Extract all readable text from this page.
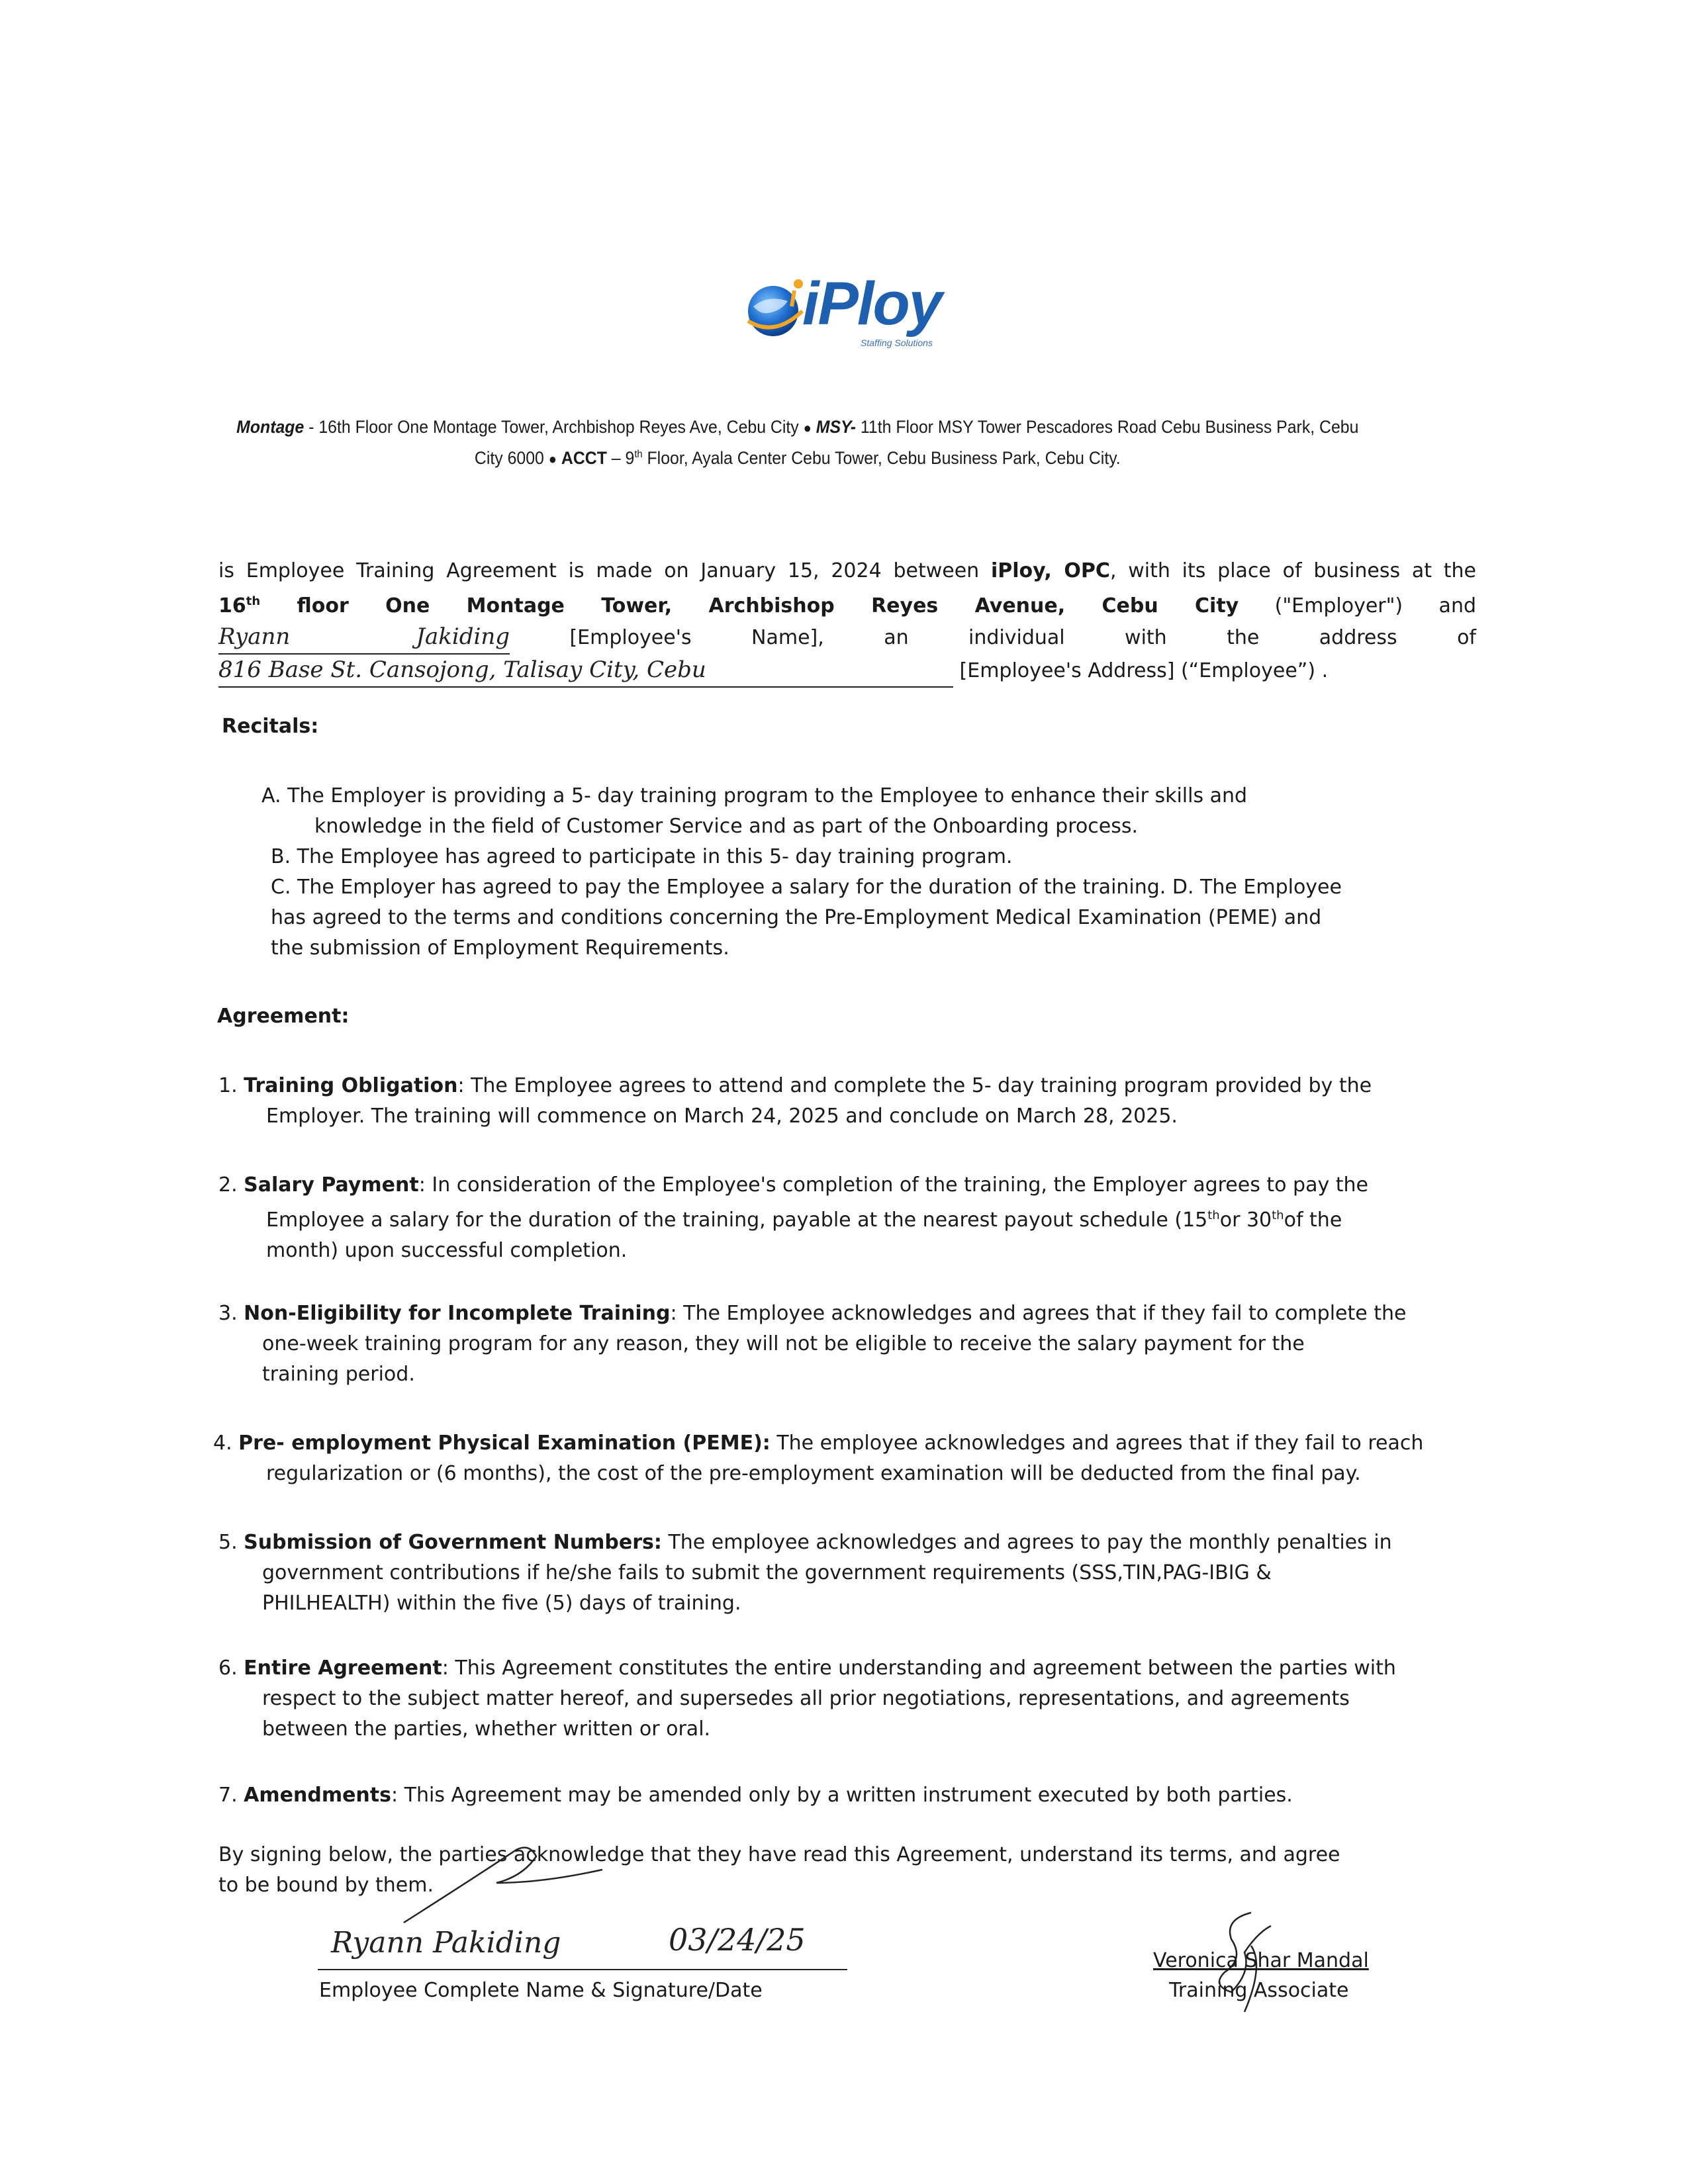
iPloy
Staffing Solutions
Montage - 16th Floor One Montage Tower, Archbishop Reyes Ave, Cebu City ● MSY- 11th Floor MSY Tower Pescadores Road Cebu Business Park, Cebu City 6000 ● ACCT – 9th Floor, Ayala Center Cebu Tower, Cebu Business Park, Cebu City.
is Employee Training Agreement is made on January 15, 2024 between iPloy, OPC, with its place of business at the
16th floor One Montage Tower, Archbishop Reyes Avenue, Cebu City ("Employer") and
Ryann Jakiding	[Employee's Name], an individual with the address of
816 Base St. Cansojong, Talisay City, Cebu	[Employee's Address] (“Employee”) .
Recitals:

A. The Employer is providing a 5- day training program to the Employee to enhance their skills and

knowledge in the field of Customer Service and as part of the Onboarding process.

B. The Employee has agreed to participate in this 5- day training program.

C. The Employer has agreed to pay the Employee a salary for the duration of the training. D. The Employee

has agreed to the terms and conditions concerning the Pre-Employment Medical Examination (PEME) and

the submission of Employment Requirements.

Agreement:
1. Training Obligation: The Employee agrees to attend and complete the 5- day training program provided by the
Employer. The training will commence on March 24, 2025 and conclude on March 28, 2025.
2. Salary Payment: In consideration of the Employee's completion of the training, the Employer agrees to pay the
Employee a salary for the duration of the training, payable at the nearest payout schedule (15thor 30thof the
month) upon successful completion.
3. Non-Eligibility for Incomplete Training: The Employee acknowledges and agrees that if they fail to complete the
one-week training program for any reason, they will not be eligible to receive the salary payment for the
training period.
4. Pre- employment Physical Examination (PEME): The employee acknowledges and agrees that if they fail to reach
regularization or (6 months), the cost of the pre-employment examination will be deducted from the final pay.
5. Submission of Government Numbers: The employee acknowledges and agrees to pay the monthly penalties in
government contributions if he/she fails to submit the government requirements (SSS,TIN,PAG-IBIG &
PHILHEALTH) within the five (5) days of training.
6. Entire Agreement: This Agreement constitutes the entire understanding and agreement between the parties with
respect to the subject matter hereof, and supersedes all prior negotiations, representations, and agreements
between the parties, whether written or oral.
7. Amendments: This Agreement may be amended only by a written instrument executed by both parties.
By signing below, the parties acknowledge that they have read this Agreement, understand its terms, and agree
to be bound by them.
Ryann Pakiding	03/24/25
Employee Complete Name & Signature/Date
Veronica Shar Mandal
Training Associate
